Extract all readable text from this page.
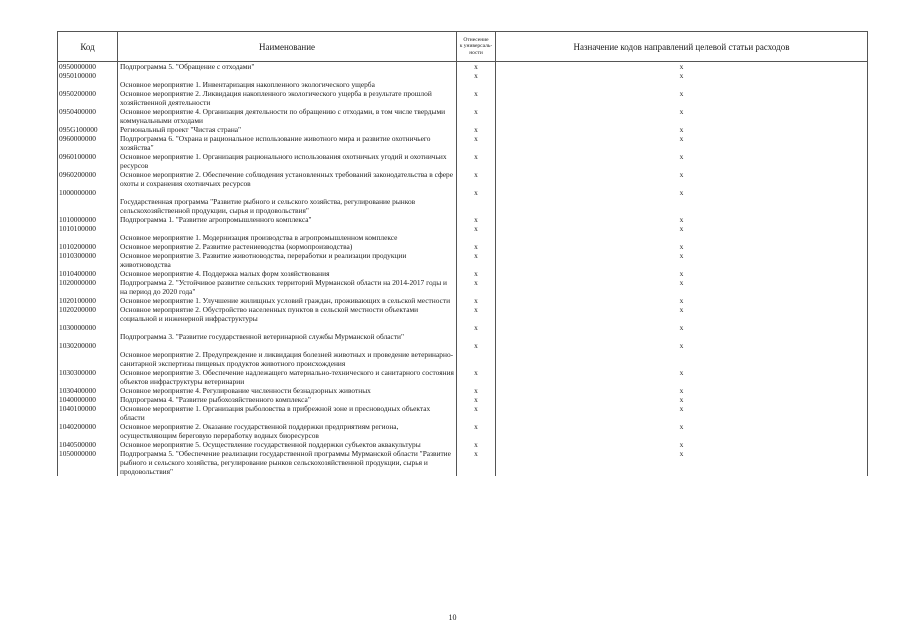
Код	Наименование	Отнесение
к универсаль-
ности	Назначение кодов направлений целевой статьи расходов
0950000000	Подпрограмма 5. "Обращение с отходами"	x	x
0950100000	Основное мероприятие 1. Инвентаризация накопленного экологического ущерба	x	x
0950200000	Основное мероприятие 2. Ликвидация накопленного экологического ущерба в результате прошлой хозяйственной деятельности	x	x
0950400000	Основное мероприятие 4. Организация деятельности по обращению с отходами, в том числе твердыми коммунальными отходами	x	x
095G100000	Региональный проект "Чистая страна"	x	x
0960000000	Подпрограмма 6. "Охрана и рациональное использование животного мира и развитие охотничьего хозяйства"	x	x
0960100000	Основное мероприятие 1. Организация рационального использования охотничьих угодий и охотничьих ресурсов	x	x
0960200000	Основное мероприятие 2. Обеспечение соблюдения установленных требований законодательства в сфере охоты и сохранения охотничьих ресурсов	x	x
1000000000	Государственная программа "Развитие рыбного и сельского хозяйства, регулирование рынков сельскохозяйственной продукции, сырья и продовольствия"	x	x
1010000000	Подпрограмма 1. "Развитие агропромышленного комплекса"	x	x
1010100000	Основное мероприятие 1. Модернизация производства в агропромышленном комплексе	x	x
1010200000	Основное мероприятие 2. Развитие растениеводства (кормопроизводства)	x	x
1010300000	Основное мероприятие 3. Развитие животноводства, переработки и реализации продукции животноводства	x	x
1010400000	Основное мероприятие 4. Поддержка малых форм хозяйствования	x	x
1020000000	Подпрограмма 2. "Устойчивое развитие сельских территорий Мурманской области на 2014-2017 годы и на период до 2020 года"	x	x
1020100000	Основное мероприятие 1. Улучшение жилищных условий граждан, проживающих в сельской местности	x	x
1020200000	Основное мероприятие 2. Обустройство населенных пунктов в сельской местности объектами социальной и инженерной инфраструктуры	x	x
1030000000	Подпрограмма 3. "Развитие государственной ветеринарной службы Мурманской области"	x	x
1030200000	Основное мероприятие 2. Предупреждение и ликвидация болезней животных и проведение ветеринарно-санитарной экспертизы пищевых продуктов животного происхождения	x	x
1030300000	Основное мероприятие 3. Обеспечение надлежащего материально-технического и санитарного состояния объектов инфраструктуры ветеринарии	x	x
1030400000	Основное мероприятие 4. Регулирование численности безнадзорных животных	x	x
1040000000	Подпрограмма 4. "Развитие рыбохозяйственного комплекса"	x	x
1040100000	Основное мероприятие 1. Организация рыболовства в прибрежной зоне и пресноводных объектах области	x	x
1040200000	Основное мероприятие 2. Оказание государственной поддержки предприятиям региона, осуществляющим береговую переработку водных биоресурсов	x	x
1040500000	Основное мероприятие 5. Осуществление государственной поддержки субъектов аквакультуры	x	x
1050000000	Подпрограмма 5. "Обеспечение реализации государственной программы Мурманской области "Развитие рыбного и сельского хозяйства, регулирование рынков сельскохозяйственной продукции, сырья и продовольствия"	x	x
10
